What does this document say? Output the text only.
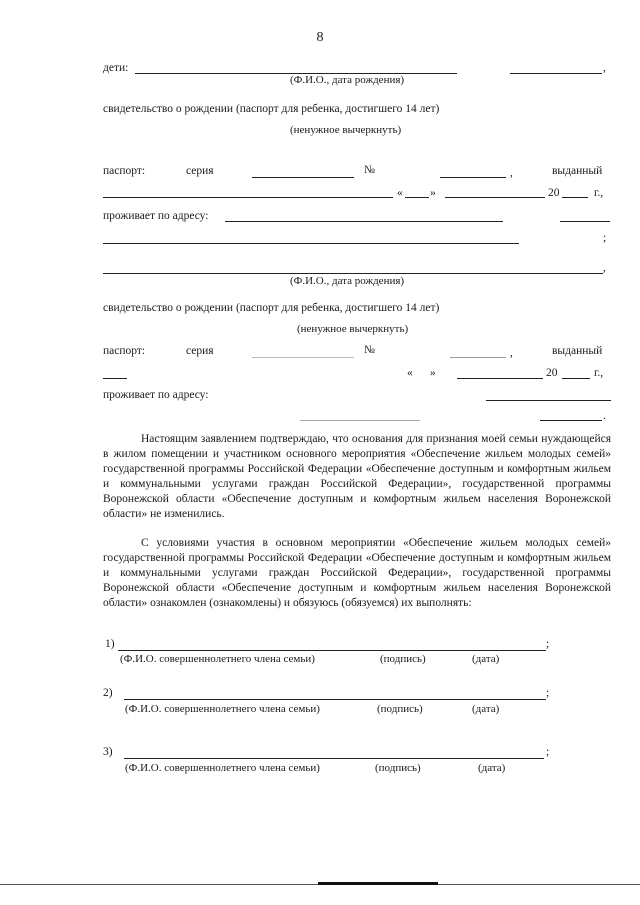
8
дети:	,
(Ф.И.О., дата рождения)
свидетельство о рождении (паспорт для ребенка, достигшего 14 лет)
(ненужное вычеркнуть)
паспорт:	серия	№	,	выданный
« »	20	г.,
проживает по адресу:
;
,
(Ф.И.О., дата рождения)
свидетельство о рождении (паспорт для ребенка, достигшего 14 лет)
(ненужное вычеркнуть)
паспорт:	серия	№	,	выданный
« »	20	г.,
проживает по адресу:
.
Настоящим заявлением подтверждаю, что основания для признания моей семьи нуждающейся в жилом помещении и участником основного мероприятия «Обеспечение жильем молодых семей» государственной программы Российской Федерации «Обеспечение доступным и комфортным жильем и коммунальными услугами граждан Российской Федерации», государственной программы Воронежской области «Обеспечение доступным и комфортным жильем населения Воронежской области» не изменились.
С условиями участия в основном мероприятии «Обеспечение жильем молодых семей» государственной программы Российской Федерации «Обеспечение доступным и комфортным жильем и коммунальными услугами граждан Российской Федерации», государственной программы Воронежской области «Обеспечение доступным и комфортным жильем населения Воронежской области» ознакомлен (ознакомлены) и обязуюсь (обязуемся) их выполнять:
1)	;
(Ф.И.О. совершеннолетнего члена семьи)	(подпись)	(дата)
2)	;
(Ф.И.О. совершеннолетнего члена семьи)	(подпись)	(дата)
3)	;
(Ф.И.О. совершеннолетнего члена семьи)	(подпись)	(дата)
